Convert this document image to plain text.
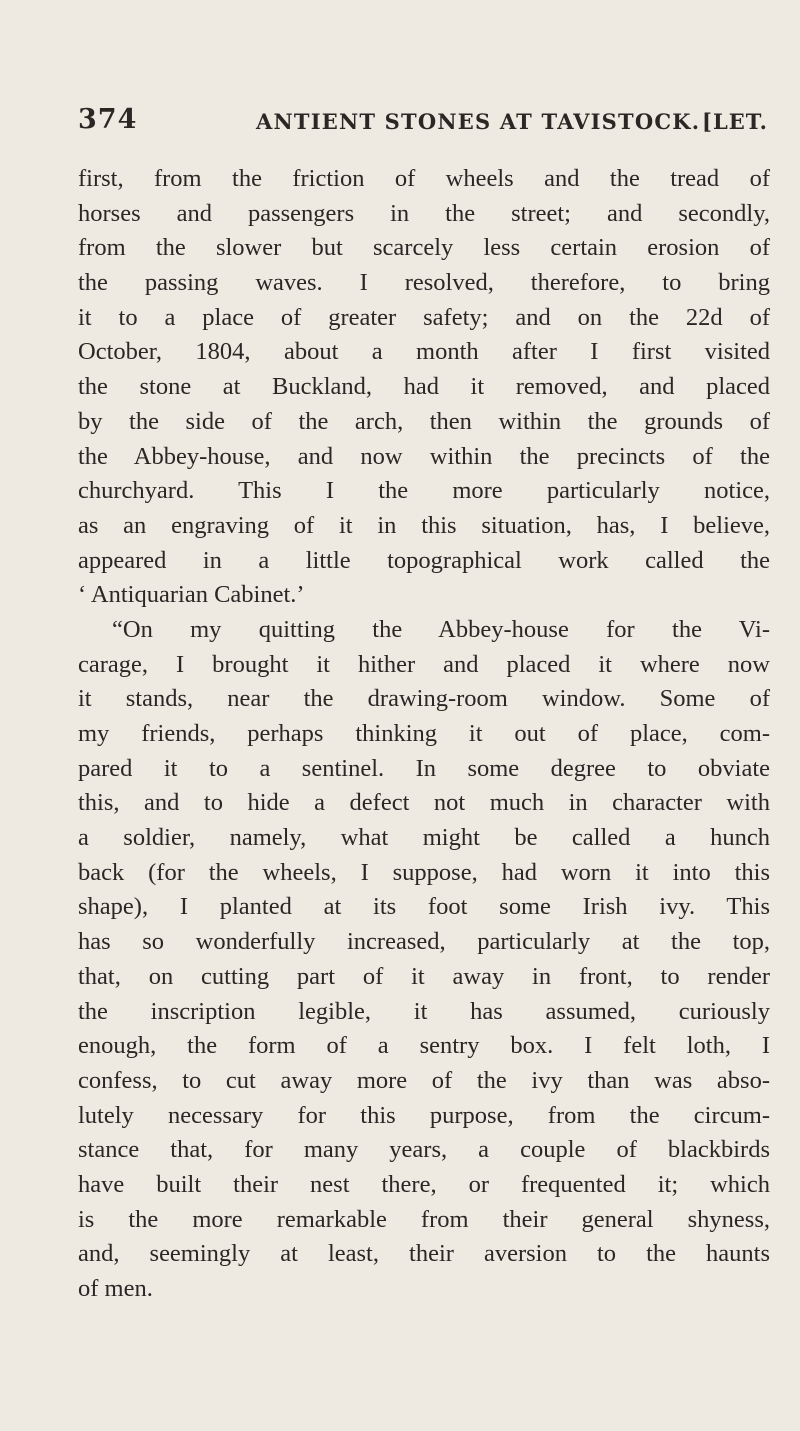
374	ANTIENT STONES AT TAVISTOCK. [LET.
first, from the friction of wheels and the tread of
horses and passengers in the street; and secondly,
from the slower but scarcely less certain erosion of
the passing waves. I resolved, therefore, to bring
it to a place of greater safety; and on the 22d of
October, 1804, about a month after I first visited
the stone at Buckland, had it removed, and placed
by the side of the arch, then within the grounds of
the Abbey-house, and now within the precincts of the
churchyard. This I the more particularly notice,
as an engraving of it in this situation, has, I believe,
appeared in a little topographical work called the
‘ Antiquarian Cabinet.’
“On my quitting the Abbey-house for the Vi-
carage, I brought it hither and placed it where now
it stands, near the drawing-room window. Some of
my friends, perhaps thinking it out of place, com-
pared it to a sentinel. In some degree to obviate
this, and to hide a defect not much in character with
a soldier, namely, what might be called a hunch
back (for the wheels, I suppose, had worn it into this
shape), I planted at its foot some Irish ivy. This
has so wonderfully increased, particularly at the top,
that, on cutting part of it away in front, to render
the inscription legible, it has assumed, curiously
enough, the form of a sentry box. I felt loth, I
confess, to cut away more of the ivy than was abso-
lutely necessary for this purpose, from the circum-
stance that, for many years, a couple of blackbirds
have built their nest there, or frequented it; which
is the more remarkable from their general shyness,
and, seemingly at least, their aversion to the haunts
of men.
